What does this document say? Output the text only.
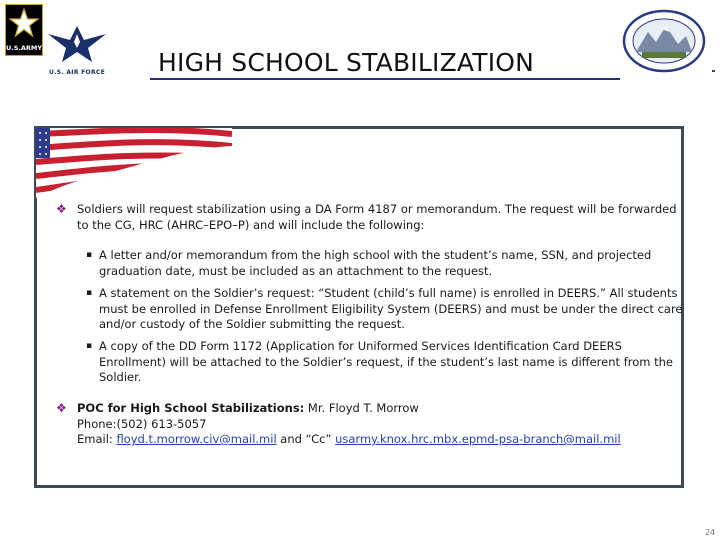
U.S.ARMY
U.S. AIR FORCE HIGH SCHOOL STABILIZATION
❖ Soldiers will request stabilization using a DA Form 4187 or memorandum. The request will be forwarded to the CG, HRC (AHRC–EPO–P) and will include the following:
▪ A letter and/or memorandum from the high school with the student’s name, SSN, and projected graduation date, must be included as an attachment to the request.
▪ A statement on the Soldier’s request: “Student (child’s full name) is enrolled in DEERS.” All students must be enrolled in Defense Enrollment Eligibility System (DEERS) and must be under the direct care and/or custody of the Soldier submitting the request.
▪ A copy of the DD Form 1172 (Application for Uniformed Services Identification Card DEERS Enrollment) will be attached to the Soldier’s request, if the student’s last name is different from the Soldier.
❖ POC for High School Stabilizations: Mr. Floyd T. Morrow
Phone:(502) 613-5057
Email: floyd.t.morrow.civ@mail.mil and “Cc” usarmy.knox.hrc.mbx.epmd-psa-branch@mail.mil
24
